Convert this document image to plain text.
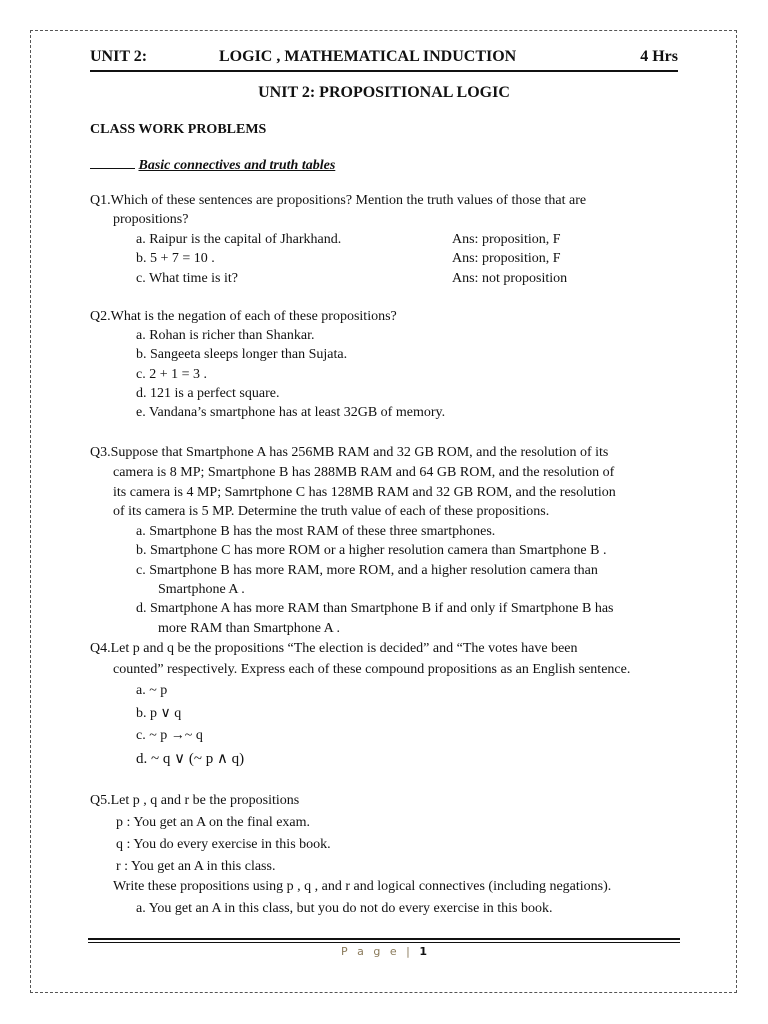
UNIT 2:	LOGIC , MATHEMATICAL INDUCTION	4 Hrs
UNIT 2: PROPOSITIONAL LOGIC
CLASS WORK PROBLEMS
Basic connectives and truth tables
Q1.Which of these sentences are propositions? Mention the truth values of those that are
propositions?
a. Raipur is the capital of Jharkhand.	Ans: proposition, F
b. 5 + 7 = 10 .	Ans: proposition, F
c. What time is it?	Ans: not proposition
Q2.What is the negation of each of these propositions?
a. Rohan is richer than Shankar.
b. Sangeeta sleeps longer than Sujata.
c. 2 + 1 = 3 .
d. 121 is a perfect square.
e. Vandana’s smartphone has at least 32GB of memory.
Q3.Suppose that Smartphone A has 256MB RAM and 32 GB ROM, and the resolution of its
camera is 8 MP; Smartphone B has 288MB RAM and 64 GB ROM, and the resolution of
its camera is 4 MP; Samrtphone C has 128MB RAM and 32 GB ROM, and the resolution
of its camera is 5 MP. Determine the truth value of each of these propositions.
a. Smartphone B has the most RAM of these three smartphones.
b. Smartphone C has more ROM or a higher resolution camera than Smartphone B .
c. Smartphone B has more RAM, more ROM, and a higher resolution camera than
Smartphone A .
d. Smartphone A has more RAM than Smartphone B if and only if Smartphone B has
more RAM than Smartphone A .
Q4.Let p and q be the propositions “The election is decided” and “The votes have been
counted” respectively. Express each of these compound propositions as an English sentence.
a. ~ p
b. p ∨ q
c. ~ p →~ q
d. ~ q ∨ (~ p ∧ q)
Q5.Let p , q and r be the propositions
p : You get an A on the final exam.
q : You do every exercise in this book.
r : You get an A in this class.
Write these propositions using p , q , and r and logical connectives (including negations).
a. You get an A in this class, but you do not do every exercise in this book.
P a g e | 1
